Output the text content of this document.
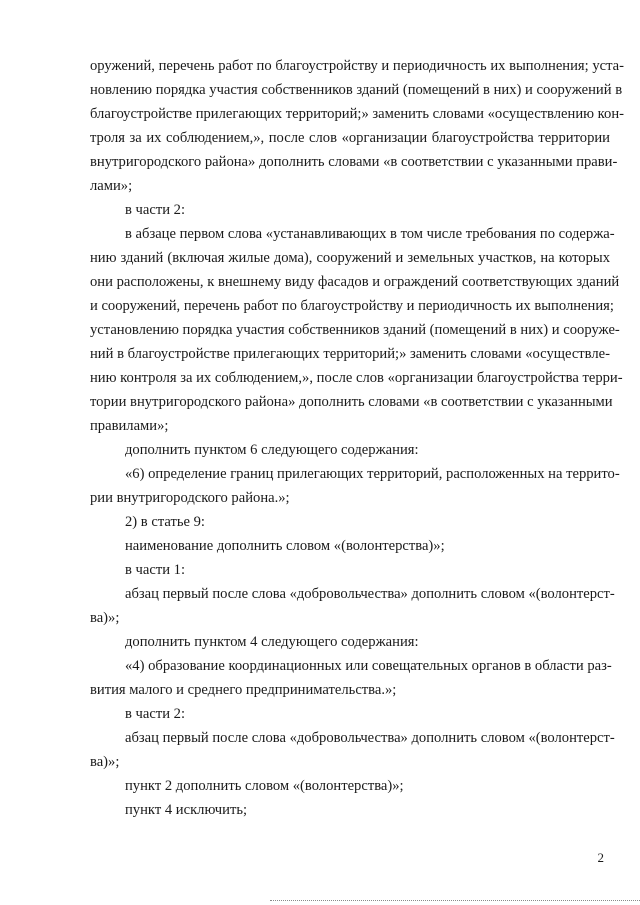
оружений, перечень работ по благоустройству и периодичность их выполнения; уста-
новлению порядка участия собственников зданий (помещений в них) и сооружений в
благоустройстве прилегающих территорий;» заменить словами «осуществлению кон-
троля за их соблюдением,», после слов «организации благоустройства территории
внутригородского района» дополнить словами «в соответствии с указанными прави-
лами»;
в части 2:
в абзаце первом слова «устанавливающих в том числе требования по содержа-
нию зданий (включая жилые дома), сооружений и земельных участков, на которых
они расположены, к внешнему виду фасадов и ограждений соответствующих зданий
и сооружений, перечень работ по благоустройству и периодичность их выполнения;
установлению порядка участия собственников зданий (помещений в них) и сооруже-
ний в благоустройстве прилегающих территорий;» заменить словами «осуществле-
нию контроля за их соблюдением,», после слов «организации благоустройства терри-
тории внутригородского района» дополнить словами «в соответствии с указанными
правилами»;
дополнить пунктом 6 следующего содержания:
«6) определение границ прилегающих территорий, расположенных на террито-
рии внутригородского района.»;
2) в статье 9:
наименование дополнить словом «(волонтерства)»;
в части 1:
абзац первый после слова «добровольчества» дополнить словом «(волонтерст-
ва)»;
дополнить пунктом 4 следующего содержания:
«4) образование координационных или совещательных органов в области раз-
вития малого и среднего предпринимательства.»;
в части 2:
абзац первый после слова «добровольчества» дополнить словом «(волонтерст-
ва)»;
пункт 2 дополнить словом «(волонтерства)»;
пункт 4 исключить;
2
